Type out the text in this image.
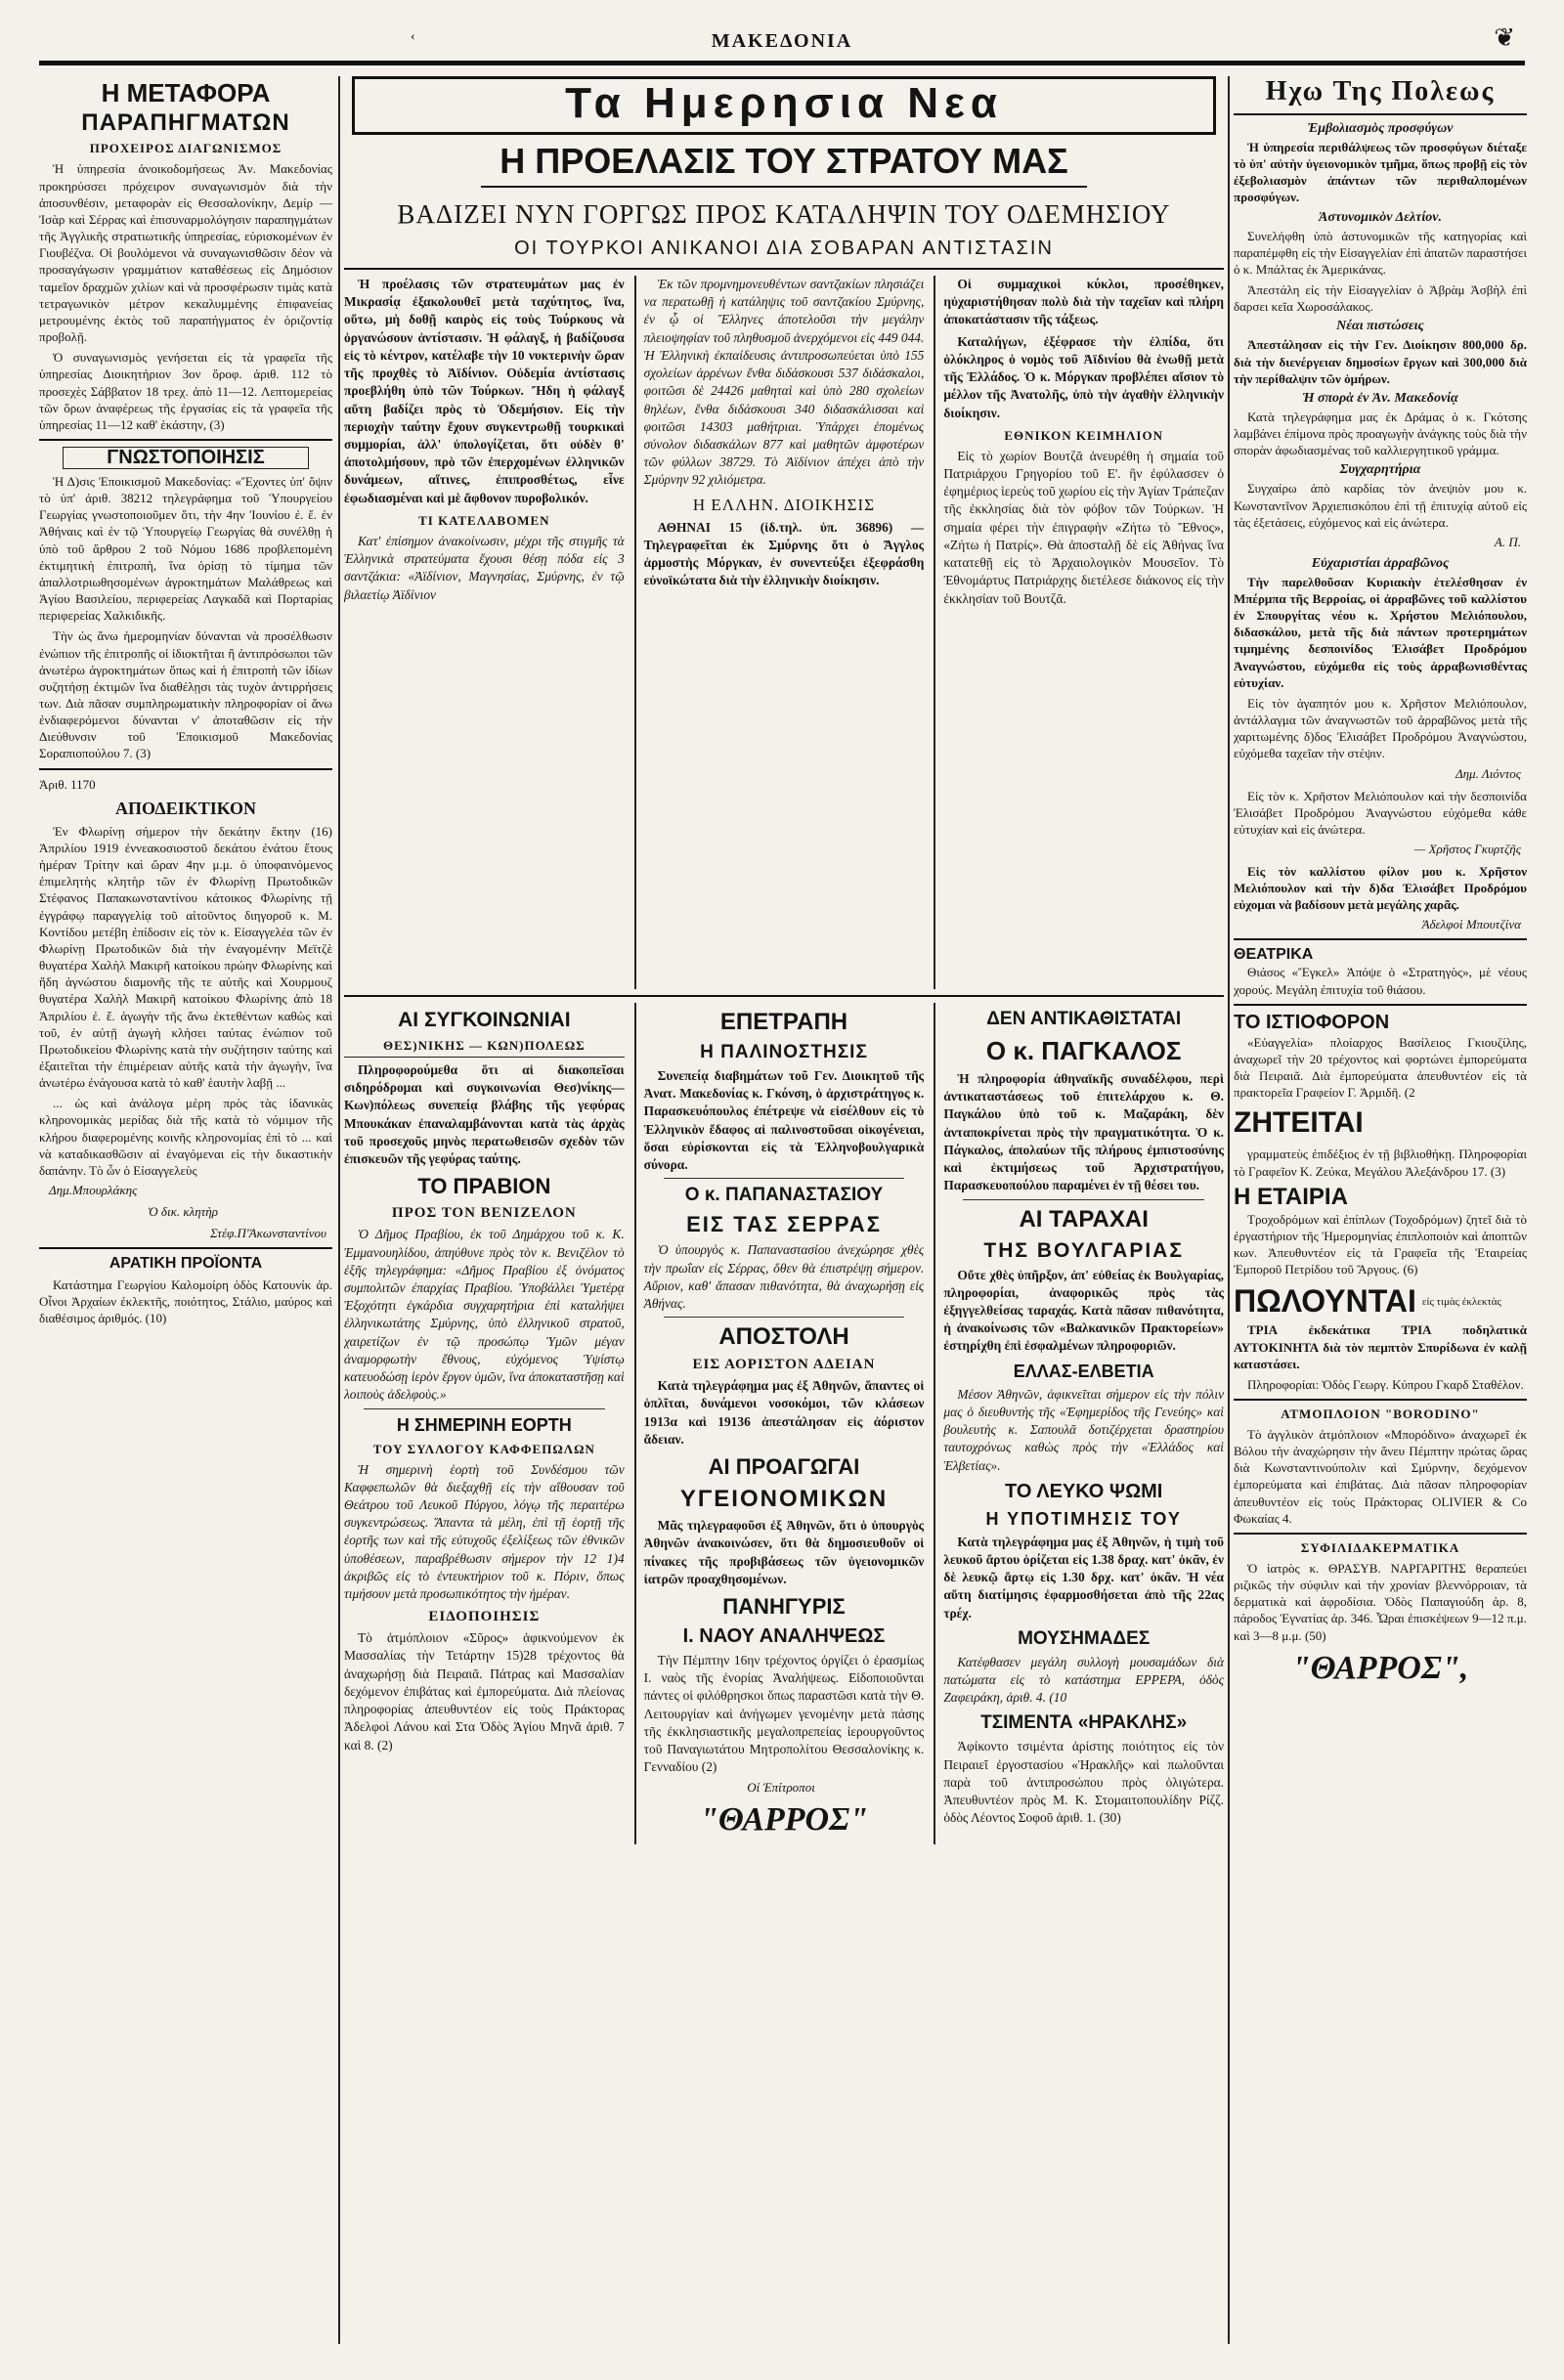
‹	ΜΑΚΕΔΟΝΙΑ	❦
Η ΜΕΤΑΦΟΡΑ
ΠΑΡΑΠΗΓΜΑΤΩΝ
ΠΡΟΧΕΙΡΟΣ ΔΙΑΓΩΝΙΣΜΟΣ

Ἡ ὑπηρεσία ἀνοικοδομήσεως Ἀν. Μακεδονίας προκηρύσσει πρόχειρον συναγωνισμὸν διὰ τὴν ἀποσυνθέσιν, μεταφορὰν εἰς Θεσσαλονίκην, Δεμίρ — Ἰσὰρ καὶ Σέρρας καὶ ἐπισυναρμολόγησιν παραπηγμάτων τῆς Ἀγγλικῆς στρατιωτικῆς ὑπηρεσίας, εὑρισκομένων ἐν Γιουβέζνα. Οἱ βουλόμενοι νὰ συναγωνισθῶσιν δέον νὰ προσαγάγωσιν γραμμάτιον καταθέσεως εἰς Δημόσιον ταμεῖον δραχμῶν χιλίων καὶ νὰ προσφέρωσιν τιμὰς κατὰ τετραγωνικὸν μέτρον κεκαλυμμένης ἐπιφανείας μετρουμένης ἐκτὸς τοῦ παραπήγματος ἐν ὁριζοντίᾳ προβολῇ.

Ὁ συναγωνισμὸς γενήσεται εἰς τὰ γραφεῖα τῆς ὑπηρεσίας Διοικητήριον 3ον ὄροφ. ἀριθ. 112 τὸ προσεχὲς Σάββατον 18 τρεχ. ἀπὸ 11—12. Λεπτομερείας τῶν ὅρων ἀναφέρεως τῆς ἐργασίας εἰς τὰ γραφεῖα τῆς ὑπηρεσίας 11—12 καθ' ἑκάστην, (3)

ΓΝΩΣΤΟΠΟΙΗΣΙΣ

Ἡ Δ)σις Ἐποικισμοῦ Μακεδονίας: «Ἔχοντες ὑπ' ὄψιν τὸ ὑπ' ἀριθ. 38212 τηλεγράφημα τοῦ Ὑπουργείου Γεωργίας γνωστοποιοῦμεν ὅτι, τὴν 4ην Ἰουνίου ἐ. ἔ. ἐν Ἀθήναις καὶ ἐν τῷ Ὑπουργείῳ Γεωργίας θὰ συνέλθῃ ἡ ὑπὸ τοῦ ἄρθρου 2 τοῦ Νόμου 1686 προβλεπομένη ἐκτιμητικὴ ἐπιτροπὴ, ἵνα ὁρίσῃ τὸ τίμημα τῶν ἀπαλλοτριωθησομένων ἀγροκτημάτων Μαλάθρεως καὶ Ἁγίου Βασιλείου, περιφερείας Λαγκαδᾶ καὶ Πορταρίας περιφερείας Χαλκιδικῆς.

Τὴν ὡς ἄνω ἡμερομηνίαν δύνανται νὰ προσέλθωσιν ἐνώπιον τῆς ἐπιτροπῆς οἱ ἰδιοκτῆται ἢ ἀντιπρόσωποι τῶν ἀνωτέρω ἀγροκτημάτων ὅπως καὶ ἡ ἐπιτροπὴ τῶν ἰδίων συζητήσῃ ἐκτιμῶν ἵνα διαθέλῃσι τὰς τυχὸν ἀντιρρήσεις των. Διὰ πᾶσαν συμπληρωματικὴν πληροφορίαν οἱ ἄνω ἐνδιαφερόμενοι δύνανται ν' ἀποταθῶσιν εἰς τὴν Διεύθυνσιν τοῦ Ἐποικισμοῦ Μακεδονίας Σοραπιοπούλου 7. (3)

Ἀριθ. 1170

ΑΠΟΔΕΙΚΤΙΚΟΝ

Ἐν Φλωρίνῃ σήμερον τὴν δεκάτην ἕκτην (16) Ἀπριλίου 1919 ἐννεακοσιοστοῦ δεκάτου ἐνάτου ἔτους ἡμέραν Τρίτην καὶ ὥραν 4ην μ.μ. ὁ ὑποφαινόμενος ἐπιμελητὴς κλητὴρ τῶν ἐν Φλωρίνῃ Πρωτοδικῶν Στέφανος Παπακωνσταντίνου κάτοικος Φλωρίνης τῇ ἐγγράφῳ παραγγελίᾳ τοῦ αἰτοῦντος διηγοροῦ κ. Μ. Κοντίδου μετέβη ἐπίδοσιν εἰς τὸν κ. Εἰσαγγελέα τῶν ἐν Φλωρίνῃ Πρωτοδικῶν διὰ τὴν ἐναγομένην Μεϊτζὲ θυγατέρα Χαλὴλ Μακιρῆ κατοίκου πρώην Φλωρίνης καὶ ἤδη ἀγνώστου διαμονῆς τῆς τε αὐτῆς καὶ Χουρμουζ θυγατέρα Χαλὴλ Μακιρῆ κατοίκου Φλωρίνης ἀπὸ 18 Ἀπριλίου ἐ. ἔ. ἀγωγὴν τῆς ἄνω ἐκτεθέντων καθὼς καὶ τοῦ, ἐν αὐτῇ ἀγωγὴ κλήσει ταύτας ἐνώπιον τοῦ Πρωτοδικείου Φλωρίνης κατὰ τὴν συζήτησιν ταύτης καὶ ἐξαιτεῖται τὴν ἐπιμέρειαν αὐτῆς κατὰ τὴν ἀγωγὴν, ἵνα ἀνωτέρω ἐνάγουσα κατὰ τὸ καθ' ἑαυτὴν λαβῇ ...

... ὡς καὶ ἀνάλογα μέρη πρὸς τὰς ἰδανικὰς κληρονομικὰς μερίδας διὰ τῆς κατὰ τὸ νόμιμον τῆς κλήρου διαφερομένης κοινῆς κληρονομίας ἐπὶ τὸ ... καὶ νὰ καταδικασθῶσιν αἱ ἐναγόμεναι εἰς τὴν δικαστικὴν δαπάνην. Τὸ ὦν ὁ Εἰσαγγελεὺς

Δημ.Μπουρλάκης
Ὁ δικ. κλητὴρ
Στέφ.Π'Ἀκωνσταντίνου
ΑΡΑΤΙΚΗ ΠΡΟΪΟΝΤΑ

Κατάστημα Γεωργίου Καλομοίρη ὁδὸς Κατουνίκ ἀρ. Οἶνοι Ἀρχαίων ἐκλεκτῆς, ποιότητος, Στάλιο, μαύρος καὶ διαθέσιμος ἀριθμός. (10)

Τα Ημερησια Νεα
Η ΠΡΟΕΛΑΣΙΣ ΤΟΥ ΣΤΡΑΤΟΥ ΜΑΣ
ΒΑΔΙΖΕΙ ΝΥΝ ΓΟΡΓΩΣ ΠΡΟΣ ΚΑΤΑΛΗΨΙΝ ΤΟΥ ΟΔΕΜΗΣΙΟΥ
ΟΙ ΤΟΥΡΚΟΙ ΑΝΙΚΑΝΟΙ ΔΙΑ ΣΟΒΑΡΑΝ ΑΝΤΙΣΤΑΣΙΝ

Ἡ προέλασις τῶν στρατευμάτων μας ἐν Μικρασίᾳ ἐξακολουθεῖ μετὰ ταχύτητος, ἵνα, οὕτω, μὴ δοθῇ καιρὸς εἰς τοὺς Τούρκους νὰ ὀργανώσουν ἀντίστασιν. Ἡ φάλαγξ, ἡ βαδίζουσα εἰς τὸ κέντρον, κατέλαβε τὴν 10 νυκτερινὴν ὥραν τῆς προχθὲς τὸ Ἀϊδίνιον. Οὐδεμία ἀντίστασις προεβλήθη ὑπὸ τῶν Τούρκων. Ἤδη ἡ φάλαγξ αὕτη βαδίζει πρὸς τὸ Ὀδεμήσιον. Εἰς τὴν περιοχὴν ταύτην ἔχουν συγκεντρωθῇ τουρκικαὶ συμμορίαι, ἀλλ' ὑπολογίζεται, ὅτι οὐδὲν θ' ἀποτολμήσουν, πρὸ τῶν ἐπερχομένων ἑλληνικῶν δυνάμεων, αἵτινες, ἐπιπροσθέτως, εἶνε ἐφωδιασμέναι καὶ μὲ ἄφθονον πυροβολικόν.

ΤΙ ΚΑΤΕΛΑΒΟΜΕΝ

Κατ' ἐπίσημον ἀνακοίνωσιν, μέχρι τῆς στιγμῆς τὰ Ἑλληνικὰ στρατεύματα ἔχουσι θέσῃ πόδα εἰς 3 σαντζάκια: «Ἀϊδίνιον, Μαγνησίας, Σμύρνης, ἐν τῷ βιλαετίῳ Ἀϊδίνιον

Ἐκ τῶν προμνημονευθέντων σαντζακίων πλησιάζει να περατωθῇ ἡ κατάληψις τοῦ σαντζακίου Σμύρνης, ἐν ᾧ οἱ Ἕλληνες ἀποτελοῦσι τὴν μεγάλην πλειοψηφίαν τοῦ πληθυσμοῦ ἀνερχόμενοι εἰς 449 044. Ἡ Ἑλληνικὴ ἐκπαίδευσις ἀντιπροσωπεύεται ὑπὸ 155 σχολείων ἀρρένων ἔνθα διδάσκουσι 537 διδάσκαλοι, φοιτῶσι δὲ 24426 μαθηταὶ καὶ ὑπὸ 280 σχολείων θηλέων, ἔνθα διδάσκουσι 340 διδασκάλισσαι καὶ φοιτῶσι 14303 μαθήτριαι. Ὑπάρχει ἑπομένως σύνολον διδασκάλων 877 καὶ μαθητῶν ἀμφοτέρων τῶν φύλλων 38729. Τὸ Ἀϊδίνιον ἀπέχει ἀπὸ τὴν Σμύρνην 92 χιλιόμετρα.

Η ΕΛΛΗΝ. ΔΙΟΙΚΗΣΙΣ

ΑΘΗΝΑΙ 15 (ἰδ.τηλ. ὑπ. 36896) — Τηλεγραφεῖται ἐκ Σμύρνης ὅτι ὁ Ἄγγλος ἁρμοστὴς Μόργκαν, ἐν συνεντεύξει ἐξεφράσθη εὐνοϊκώτατα διὰ τὴν ἑλληνικὴν διοίκησιν.

Οἱ συμμαχικοὶ κύκλοι, προσέθηκεν, ηὐχαριστήθησαν πολὺ διὰ τὴν ταχεῖαν καὶ πλήρη ἀποκατάστασιν τῆς τάξεως.

Καταλήγων, ἐξέφρασε τὴν ἐλπίδα, ὅτι ὁλόκληρος ὁ νομὸς τοῦ Ἀϊδινίου θὰ ἑνωθῇ μετὰ τῆς Ἑλλάδος. Ὁ κ. Μόργκαν προβλέπει αἴσιον τὸ μέλλον τῆς Ἀνατολῆς, ὑπὸ τὴν ἀγαθὴν ἑλληνικὴν διοίκησιν.

ΕΘΝΙΚΟΝ ΚΕΙΜΗΛΙΟΝ

Εἰς τὸ χωρίον Βουτζᾶ ἀνευρέθη ἡ σημαία τοῦ Πατριάρχου Γρηγορίου τοῦ Ε'. ἣν ἐφύλασσεν ὁ ἐφημέριος ἱερεὺς τοῦ χωρίου εἰς τὴν Ἁγίαν Τράπεζαν τῆς ἐκκλησίας διὰ τὸν φόβον τῶν Τούρκων. Ἡ σημαία φέρει τὴν ἐπιγραφὴν «Ζήτω τὸ Ἔθνος», «Ζήτω ἡ Πατρίς». Θὰ ἀποσταλῇ δὲ εἰς Ἀθήνας ἵνα κατατεθῇ εἰς τὸ Ἀρχαιολογικὸν Μουσεῖον. Τὸ Ἐθνομάρτυς Πατριάρχης διετέλεσε διάκονος εἰς τὴν ἐκκλησίαν τοῦ Βουτζᾶ.

ΑΙ ΣΥΓΚΟΙΝΩΝΙΑΙ
ΘΕΣ)ΝΙΚΗΣ — ΚΩΝ)ΠΟΛΕΩΣ

Πληροφορούμεθα ὅτι αἱ διακοπεῖσαι σιδηρόδρομαι καὶ συγκοινωνίαι Θεσ)νίκης—Κων)πόλεως συνεπείᾳ βλάβης τῆς γεφύρας Μπουκάκαν ἐπαναλαμβάνονται κατὰ τὰς ἀρχὰς τοῦ προσεχοῦς μηνὸς περατωθεισῶν σχεδὸν τῶν ἐπισκευῶν τῆς γεφύρας ταύτης.

ΤΟ ΠΡΑΒΙΟΝ
ΠΡΟΣ ΤΟΝ ΒΕΝΙΖΕΛΟΝ

Ὁ Δῆμος Πραβίου, ἐκ τοῦ Δημάρχου τοῦ κ. Κ. Ἐμμανουηλίδου, ἀπηύθυνε πρὸς τὸν κ. Βενιζέλον τὸ ἑξῆς τηλεγράφημα: «Δῆμος Πραβίου ἐξ ὀνόματος συμπολιτῶν ἐπαρχίας Πραβίου. Ὑποβάλλει Ὑμετέρᾳ Ἐξοχότητι ἐγκάρδια συγχαρητήρια ἐπὶ καταλήψει ἑλληνικωτάτης Σμύρνης, ὑπὸ ἑλληνικοῦ στρατοῦ, χαιρετίζων ἐν τῷ προσώπῳ Ὑμῶν μέγαν ἀναμορφωτὴν ἔθνους, εὐχόμενος Ὑψίστῳ κατευοδώσῃ ἱερὸν ἔργον ὑμῶν, ἵνα ἀποκαταστῆσῃ καὶ λοιποὺς ἀδελφοὺς.»

Η ΣΗΜΕΡΙΝΗ ΕΟΡΤΗ
ΤΟΥ ΣΥΛΛΟΓΟΥ ΚΑΦΦΕΠΩΛΩΝ

Ἡ σημερινὴ ἑορτὴ τοῦ Συνδέσμου τῶν Καφφεπωλῶν θὰ διεξαχθῇ εἰς τὴν αἴθουσαν τοῦ Θεάτρου τοῦ Λευκοῦ Πύργου, λόγῳ τῆς περαιτέρω συγκεντρώσεως. Ἅπαντα τὰ μέλη, ἐπὶ τῇ ἑορτῇ τῆς ἑορτῆς των καὶ τῆς εὐτυχοῦς ἐξελίξεως τῶν ἐθνικῶν ὑποθέσεων, παραβρέθωσιν σήμερον τὴν 12 1)4 ἀκριβῶς εἰς τὸ ἐντευκτήριον τοῦ κ. Πόριν, ὅπως τιμήσουν μετὰ προσωπικότητος τὴν ἡμέραν.

ΕΙΔΟΠΟΙΗΣΙΣ

Τὸ ἀτμόπλοιον «Σῦρος» ἀφικνούμενον ἐκ Μασσαλίας τὴν Τετάρτην 15)28 τρέχοντος θὰ ἀναχωρήσῃ διὰ Πειραιᾶ. Πάτρας καὶ Μασσαλίαν δεχόμενον ἐπιβάτας καὶ ἐμπορεύματα. Διὰ πλείονας πληροφορίας ἀπευθυντέον εἰς τοὺς Πράκτορας Ἀδελφοὶ Λάνου καὶ Στα Ὁδὸς Ἁγίου Μηνᾶ ἀριθ. 7 καὶ 8. (2)

ΕΠΕΤΡΑΠΗ
Η ΠΑΛΙΝΟΣΤΗΣΙΣ

Συνεπείᾳ διαβημάτων τοῦ Γεν. Διοικητοῦ τῆς Ἀνατ. Μακεδονίας κ. Γκόνση, ὁ ἀρχιστράτηγος κ. Παρασκευόπουλος ἐπέτρεψε νὰ εἰσέλθουν εἰς τὸ Ἑλληνικὸν ἔδαφος αἱ παλινοστοῦσαι οἰκογένειαι, ὅσαι εὑρίσκονται εἰς τὰ Ἑλληνοβουλγαρικὰ σύνορα.

Ο κ. ΠΑΠΑΝΑΣΤΑΣΙΟΥ
ΕΙΣ ΤΑΣ ΣΕΡΡΑΣ

Ὁ ὑπουργὸς κ. Παπαναστασίου ἀνεχώρησε χθὲς τὴν πρωΐαν εἰς Σέρρας, ὅθεν θὰ ἐπιστρέψῃ σήμερον. Αὔριον, καθ' ἅπασαν πιθανότητα, θὰ ἀναχωρήσῃ εἰς Ἀθήνας.

ΑΠΟΣΤΟΛΗ
ΕΙΣ ΑΟΡΙΣΤΟΝ ΑΔΕΙΑΝ

Κατὰ τηλεγράφημα μας ἐξ Ἀθηνῶν, ἅπαντες οἱ ὁπλῖται, δυνάμενοι νοσοκόμοι, τῶν κλάσεων 1913α καὶ 19136 ἀπεστάλησαν εἰς ἀόριστον ἄδειαν.

ΑΙ ΠΡΟΑΓΩΓΑΙ
ΥΓΕΙΟΝΟΜΙΚΩΝ

Μᾶς τηλεγραφοῦσι ἐξ Ἀθηνῶν, ὅτι ὁ ὑπουργὸς Ἀθηνῶν ἀνακοινώσεν, ὅτι θὰ δημοσιευθοῦν οἱ πίνακες τῆς προβιβάσεως τῶν ὑγειονομικῶν ἰατρῶν προαχθησομένων.

ΠΑΝΗΓΥΡΙΣ
Ι. ΝΑΟΥ ΑΝΑΛΗΨΕΩΣ

Τὴν Πέμπτην 16ην τρέχοντος ὀργίζει ὁ ἐρασμίως Ι. ναὸς τῆς ἐνορίας Ἀναλήψεως. Εἰδοποιοῦνται πάντες οἱ φιλόθρησκοι ὅπως παραστῶσι κατὰ τὴν Θ. Λειτουργίαν καὶ ἀνήγωμεν γενομένην μετὰ πάσης τῆς ἐκκλησιαστικῆς μεγαλοπρεπείας ἱερουργοῦντος τοῦ Παναγιωτάτου Μητροπολίτου Θεσσαλονίκης κ. Γενναδίου (2)

Οἱ Ἐπίτροποι
"ΘΑΡΡΟΣ"
ΔΕΝ ΑΝΤΙΚΑΘΙΣΤΑΤΑΙ
Ο κ. ΠΑΓΚΑΛΟΣ

Ἡ πληροφορία ἀθηναϊκῆς συναδέλφου, περὶ ἀντικαταστάσεως τοῦ ἐπιτελάρχου κ. Θ. Παγκάλου ὑπὸ τοῦ κ. Μαζαράκη, δὲν ἀνταποκρίνεται πρὸς τὴν πραγματικότητα. Ὁ κ. Πάγκαλος, ἀπολαύων τῆς πλήρους ἐμπιστοσύνης καὶ ἐκτιμήσεως τοῦ Ἀρχιστρατήγου, Παρασκευοπούλου παραμένει ἐν τῇ θέσει του.

ΑΙ ΤΑΡΑΧΑΙ
ΤΗΣ ΒΟΥΛΓΑΡΙΑΣ

Οὔτε χθὲς ὑπῆρξον, ἀπ' εὐθείας ἐκ Βουλγαρίας, πληροφορίαι, ἀναφορικῶς πρὸς τὰς ἐξηγγελθείσας ταραχάς. Κατὰ πᾶσαν πιθανότητα, ἡ ἀνακοίνωσις τῶν «Βαλκανικῶν Πρακτορείων» ἐστηρίχθη ἐπὶ ἐσφαλμένων πληροφοριῶν.

ΕΛΛΑΣ-ΕΛΒΕΤΙΑ

Μέσον Ἀθηνῶν, ἀφικνεῖται σήμερον εἰς τὴν πόλιν μας ὁ διευθυντὴς τῆς «Ἐφημερίδος τῆς Γενεύης» καὶ βουλευτὴς κ. Σαπουλᾶ δοτιζέρχεται δραστηρίου ταυτοχρόνως καθὼς πρὸς τὴν «Ἑλλάδος καὶ Ἑλβετίας».

ΤΟ ΛΕΥΚΟ ΨΩΜΙ
Η ΥΠΟΤΙΜΗΣΙΣ ΤΟΥ

Κατὰ τηλεγράφημα μας ἐξ Ἀθηνῶν, ἡ τιμὴ τοῦ λευκοῦ ἄρτου ὁρίζεται εἰς 1.38 δραχ. κατ' ὀκᾶν, ἐν δὲ λευκῷ ἄρτῳ εἰς 1.30 δρχ. κατ' ὀκᾶν. Ἡ νέα αὕτη διατίμησις ἐφαρμοσθήσεται ἀπὸ τῆς 22ας τρέχ.

ΜΟΥΣΗΜΑΔΕΣ

Κατέφθασεν μεγάλη συλλογὴ μουσαμάδων διὰ πατώματα εἰς τὸ κατάστημα ΕΡΡΕΡΑ, ὁδὸς Ζαφειράκη, ἀριθ. 4. (10

ΤΣΙΜΕΝΤΑ «ΗΡΑΚΛΗΣ»

Ἀφίκοντο τσιμέντα ἀρίστης ποιότητος εἰς τὸν Πειραιεῖ ἐργοστασίου «Ἡρακλῆς» καὶ πωλοῦνται παρὰ τοῦ ἀντιπροσώπου πρὸς ὁλιγώτερα. Ἀπευθυντέον πρὸς Μ. Κ. Στομαιτοπουλίδην Ρίζζ. ὁδὸς Λέοντος Σοφοῦ ἀριθ. 1. (30)

Ηχω Της Πολεως
Ἐμβολιασμὸς προσφύγων

Ἡ ὑπηρεσία περιθάλψεως τῶν προσφύγων διέταξε τὸ ὑπ' αὐτὴν ὑγειονομικὸν τμῆμα, ὅπως προβῇ εἰς τὸν ἐξεβολιασμὸν ἁπάντων τῶν περιθαλπομένων προσφύγων.

Ἀστυνομικὸν Δελτίον.

Συνελήφθη ὑπὸ ἀστυνομικῶν τῆς κατηγορίας καὶ παραπέμφθη εἰς τὴν Εἰσαγγελίαν ἐπὶ ἀπατῶν παραστήσει ὁ κ. Μπάλτας ἐκ Ἀμερικάνας.

Ἀπεστάλη εἰς τὴν Εἰσαγγελίαν ὁ Ἀβρὰμ Ἀσβὴλ ἐπὶ δαρσει κεῖα Χωροσάλακος.

Νέαι πιστώσεις

Ἀπεστάλησαν εἰς τὴν Γεν. Διοίκησιν 800,000 δρ. διὰ τὴν διενέργειαν δημοσίων ἔργων καὶ 300,000 διὰ τὴν περίθαλψιν τῶν ὁμήρων.

Ἡ σπορὰ ἐν Ἀν. Μακεδονίᾳ

Κατὰ τηλεγράφημα μας ἐκ Δράμας ὁ κ. Γκότσης λαμβάνει ἐπίμονα πρὸς προαγωγὴν ἀνάγκης τοὺς διὰ τὴν σπορὰν ἀφωδιασμένας τοῦ καλλιεργητικοῦ γράμμα.

Συγχαρητήρια

Συγχαίρω ἀπὸ καρδίας τὸν ἀνεψιὸν μου κ. Κωνσταντῖνον Ἀρχιεπισκόπου ἐπὶ τῇ ἐπιτυχίᾳ αὐτοῦ εἰς τὰς ἐξετάσεις, εὐχόμενος καὶ εἰς ἀνώτερα.

Α. Π.
Εὐχαριστίαι ἀρραβῶνος

Τὴν παρελθοῦσαν Κυριακὴν ἐτελέσθησαν ἐν Μπέρμπα τῆς Βερροίας, οἱ ἀρραβῶνες τοῦ καλλίστου ἐν Σπουργίτας νέου κ. Χρήστου Μελιόπουλου, διδασκάλου, μετὰ τῆς διὰ πάντων προτερημάτων τιμημένης δεσποινίδος Ἐλισάβετ Προδρόμου Ἀναγνώστου, εὐχόμεθα εἰς τοὺς ἀρραβωνισθέντας εὐτυχίαν.

Εἰς τὸν ἀγαπητόν μου κ. Χρῆστον Μελιόπουλον, ἀντάλλαγμα τῶν ἀναγνωστῶν τοῦ ἀρραβῶνος μετὰ τῆς χαριτωμένης δ)δος Ἐλισάβετ Προδρόμου Ἀναγνώστου, εὐχόμεθα ταχεῖαν τὴν στέψιν.

Δημ. Λιόντος

Εἰς τὸν κ. Χρῆστον Μελιόπουλον καὶ τὴν δεσποινίδα Ἐλισάβετ Προδρόμου Ἀναγνώστου εὐχόμεθα κάθε εὐτυχίαν καὶ εἰς ἀνώτερα.

— Χρῆστος Γκυρτζῆς

Εἰς τὸν καλλίστου φίλον μου κ. Χρῆστον Μελιόπουλον καὶ τὴν δ)δα Ἐλισάβετ Προδρόμου εὐχομαι νὰ βαδίσουν μετὰ μεγάλης χαρᾶς.

Ἀδελφοὶ Μπουτζίνα
ΘΕΑΤΡΙΚΑ

Θιάσος «Ἔγκελ» Ἀπόψε ὁ «Στρατηγὸς», μὲ νέους χορούς. Μεγάλη ἐπιτυχία τοῦ θιάσου.

ΤΟ ΙΣΤΙΟΦΟΡΟΝ

«Εὐαγγελία» πλοίαρχος Βασίλειος Γκιουζίλης, ἀναχωρεῖ τὴν 20 τρέχοντος καὶ φορτώνει ἐμπορεύματα διὰ Πειραιᾶ. Διὰ ἐμπορεύματα ἀπευθυντέον εἰς τὰ πρακτορεῖα Γραφείον Γ. Ἀρμιδῆ. (2

ΖΗΤΕΙΤΑΙ

γραμματεὺς ἐπιδέξιος ἐν τῇ βιβλιοθήκῃ. Πληροφορίαι τὸ Γραφεῖον Κ. Ζεύκα, Μεγάλου Ἀλεξάνδρου 17. (3)

Η ΕΤΑΙΡΙΑ

Τροχοδρόμων καὶ ἐπίπλων (Τοχοδρόμων) ζητεῖ διὰ τὸ ἐργαστήριον τῆς Ἡμερομηνίας ἐπιπλοποιὸν καὶ ἀποπτῶν κων. Ἀπευθυντέον εἰς τὰ Γραφεῖα τῆς Ἑταιρείας Ἐμποροῦ Πετρίδου τοῦ Ἄργους. (6)

ΠΩΛΟΥΝΤΑΙ εἰς τιμὰς ἐκλεκτὰς

ΤΡΙΑ ἐκδεκάτικα ΤΡΙΑ ποδηλατικὰ ΑΥΤΟΚΙΝΗΤΑ διὰ τὸν πεμπτὸν Σπυρίδωνα ἐν καλῇ καταστάσει.

Πληροφορίαι: Ὁδὸς Γεωργ. Κύπρου Γκαρδ Σταθέλον.

ΑΤΜΟΠΛΟΙΟΝ "BORODINO"

Τὸ ἀγγλικὸν ἀτμόπλοιον «Μπορόδινο» ἀναχωρεῖ ἐκ Βόλου τὴν ἀναχώρησιν τὴν ἄνευ Πέμπτην πρώτας ὥρας διὰ Κωνσταντινούπολιν καὶ Σμύρνην, δεχόμενον ἐμπορεύματα καὶ ἐπιβάτας. Διὰ πᾶσαν πληροφορίαν ἀπευθυντέον εἰς τοὺς Πράκτορας OLIVIER & Co Φωκαίας 4.

ΣΥΦΙΛΙΔΑΚΕΡΜΑΤΙΚΑ

Ὁ ἰατρὸς κ. ΘΡΑΣΥΒ. ΝΑΡΓΑΡΙΤΗΣ θεραπεύει ριζικῶς τὴν σύφιλιν καὶ τὴν χρονίαν βλεννόρροιαν, τὰ δερματικὰ καὶ ἀφροδίσια. Ὁδὸς Παπαγιούδη ἀρ. 8, πάροδος Ἐγνατίας ἀρ. 346. Ὧραι ἐπισκέψεων 9—12 π.μ. καὶ 3—8 μ.μ. (50)

"ΘΑΡΡΟΣ",
